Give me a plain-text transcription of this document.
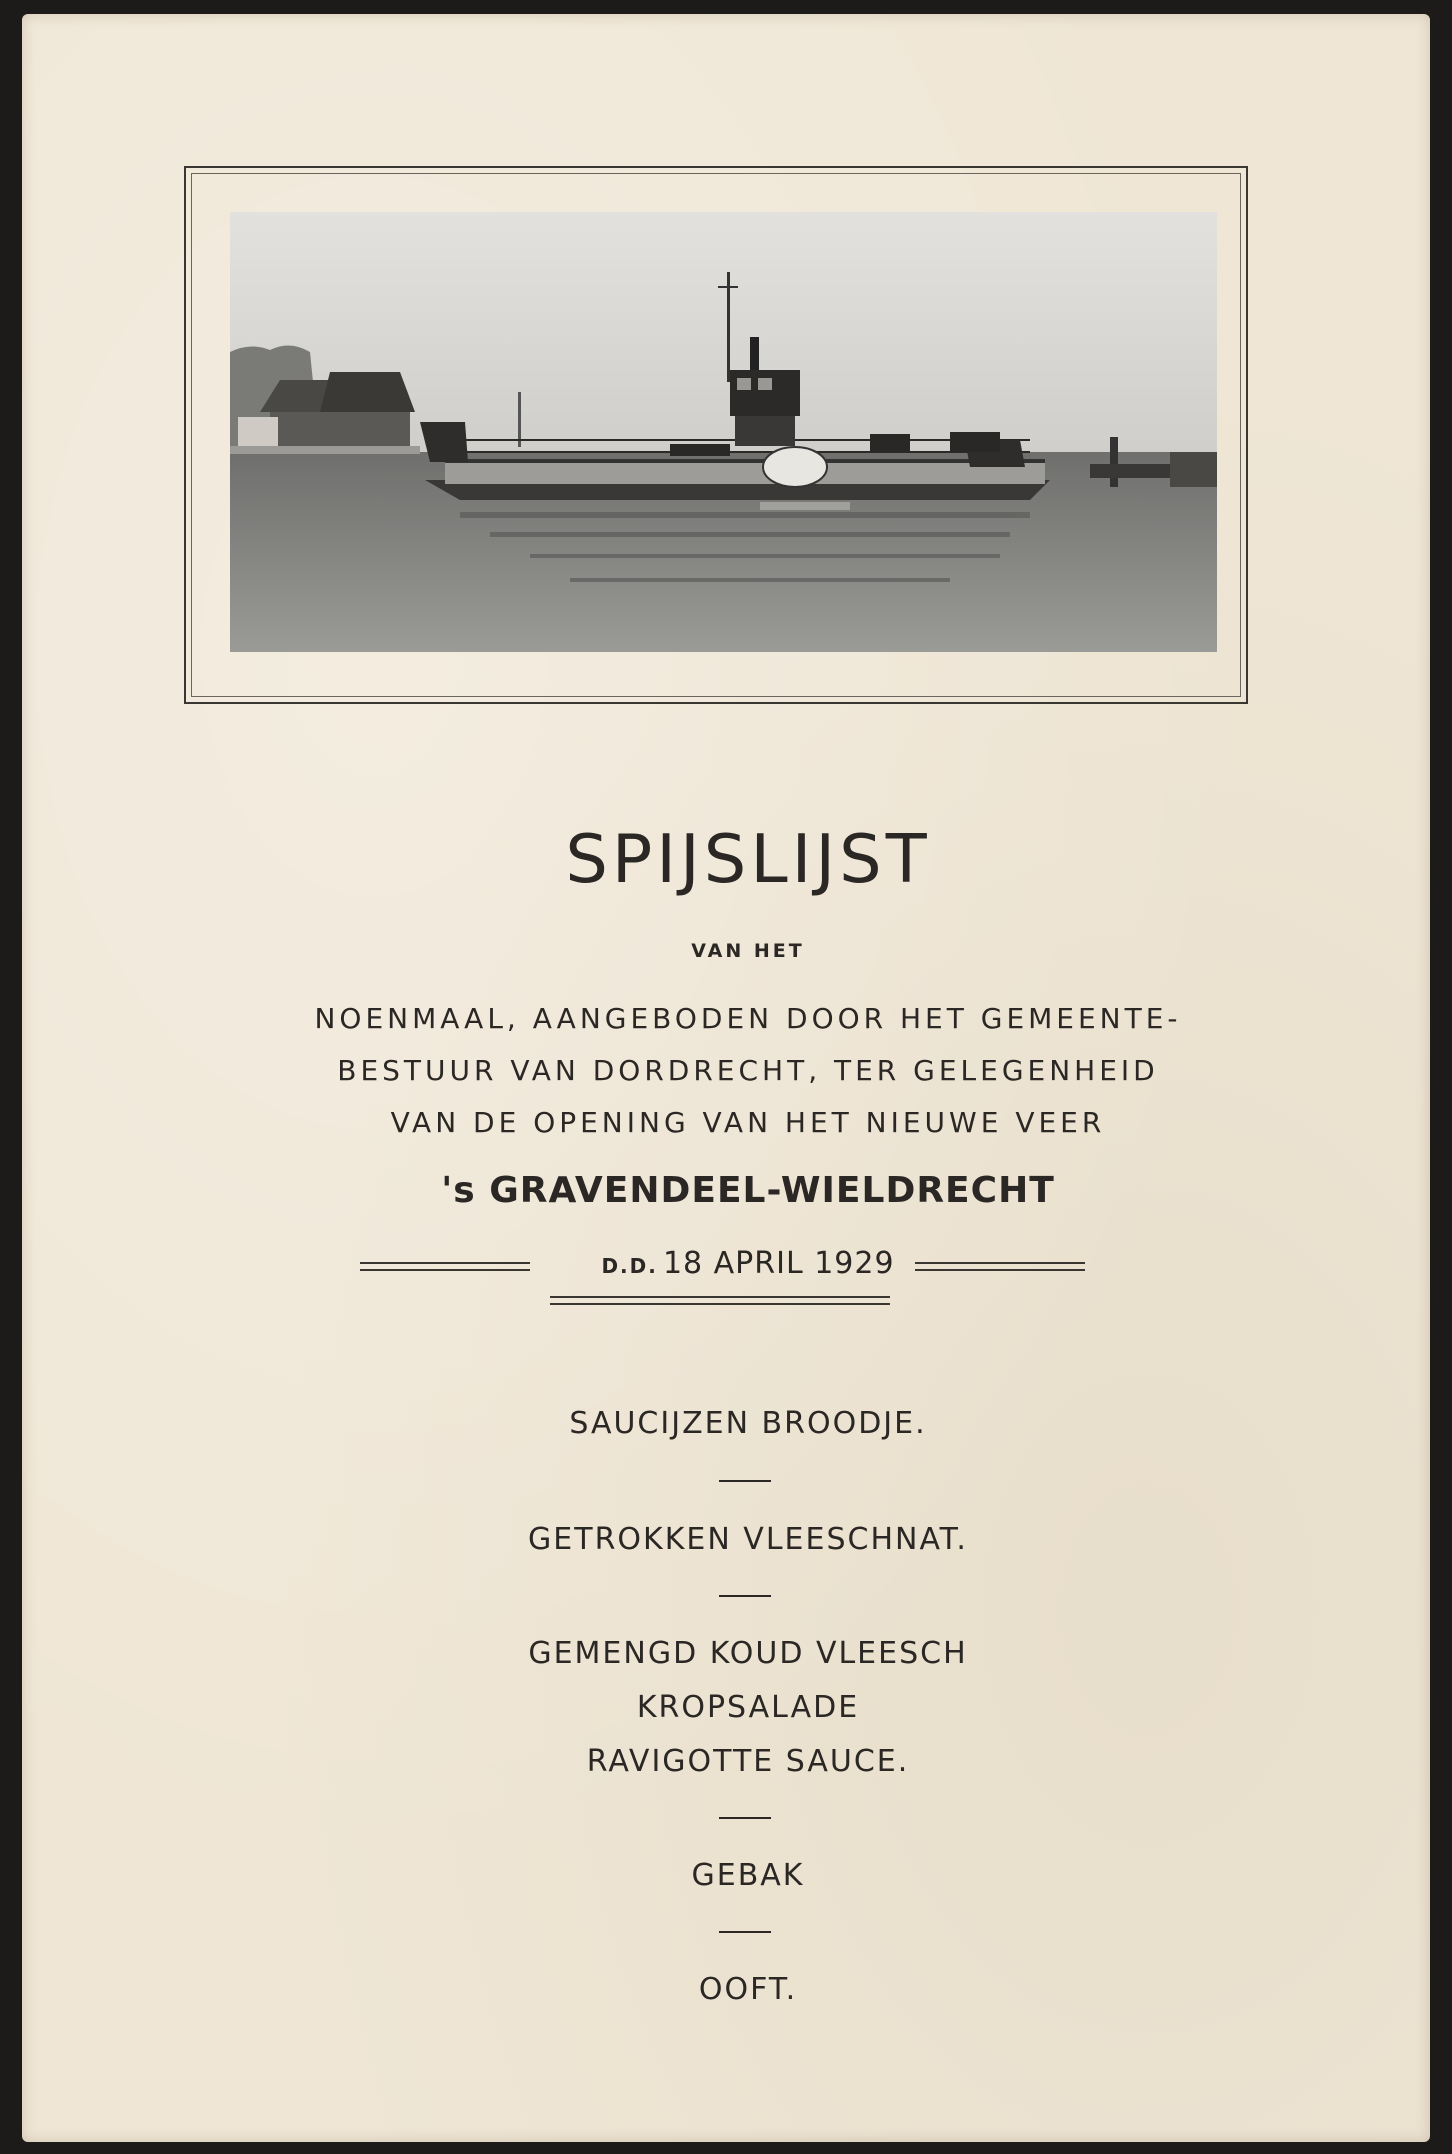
SPIJSLIJST
VAN HET
NOENMAAL, AANGEBODEN DOOR HET GEMEENTE-
BESTUUR VAN DORDRECHT, TER GELEGENHEID
VAN DE OPENING VAN HET NIEUWE VEER
's GRAVENDEEL-WIELDRECHT
D.D. 18 APRIL 1929
SAUCIJZEN BROODJE.
GETROKKEN VLEESCHNAT.
GEMENGD KOUD VLEESCH
KROPSALADE
RAVIGOTTE SAUCE.
GEBAK
OOFT.
